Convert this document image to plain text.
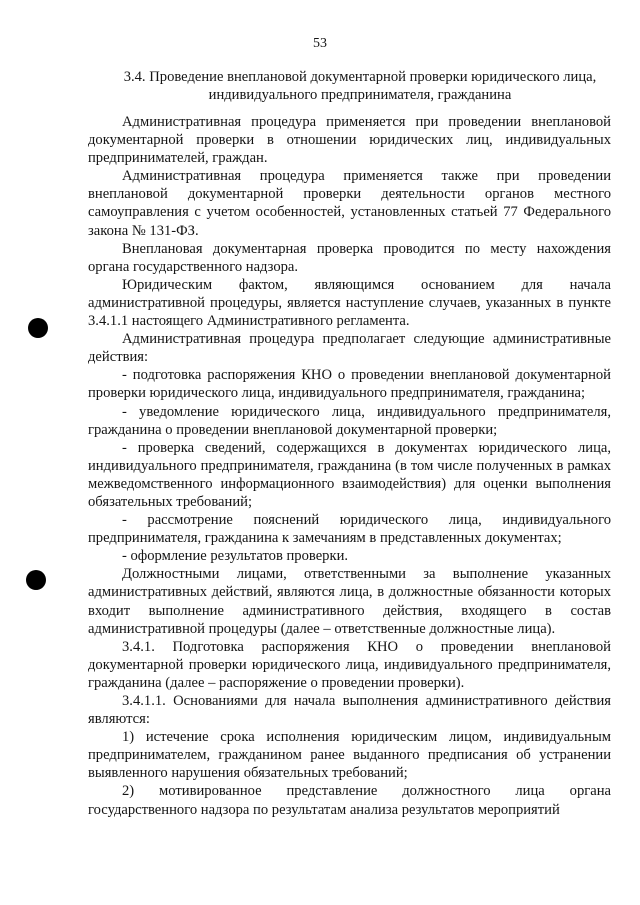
53
3.4. Проведение внеплановой документарной проверки юридического лица, индивидуального предпринимателя, гражданина

Административная процедура применяется при проведении внеплановой документарной проверки в отношении юридических лиц, индивидуальных предпринимателей, граждан.

Административная процедура применяется также при проведении внеплановой документарной проверки деятельности органов местного самоуправления с учетом особенностей, установленных статьей 77 Федерального закона № 131-ФЗ.

Внеплановая документарная проверка проводится по месту нахождения органа государственного надзора.

Юридическим фактом, являющимся основанием для начала административной процедуры, является наступление случаев, указанных в пункте 3.4.1.1 настоящего Административного регламента.

Административная процедура предполагает следующие административные действия:

- подготовка распоряжения КНО о проведении внеплановой документарной проверки юридического лица, индивидуального предпринимателя, гражданина;

- уведомление юридического лица, индивидуального предпринимателя, гражданина о проведении внеплановой документарной проверки;

- проверка сведений, содержащихся в документах юридического лица, индивидуального предпринимателя, гражданина (в том числе полученных в рамках межведомственного информационного взаимодействия) для оценки выполнения обязательных требований;

- рассмотрение пояснений юридического лица, индивидуального предпринимателя, гражданина к замечаниям в представленных документах;

- оформление результатов проверки.

Должностными лицами, ответственными за выполнение указанных административных действий, являются лица, в должностные обязанности которых входит выполнение административного действия, входящего в состав административной процедуры (далее – ответственные должностные лица).

3.4.1. Подготовка распоряжения КНО о проведении внеплановой документарной проверки юридического лица, индивидуального предпринимателя, гражданина (далее – распоряжение о проведении проверки).

3.4.1.1. Основаниями для начала выполнения административного действия являются:

1) истечение срока исполнения юридическим лицом, индивидуальным предпринимателем, гражданином ранее выданного предписания об устранении выявленного нарушения обязательных требований;

2) мотивированное представление должностного лица органа государственного надзора по результатам анализа результатов мероприятий
